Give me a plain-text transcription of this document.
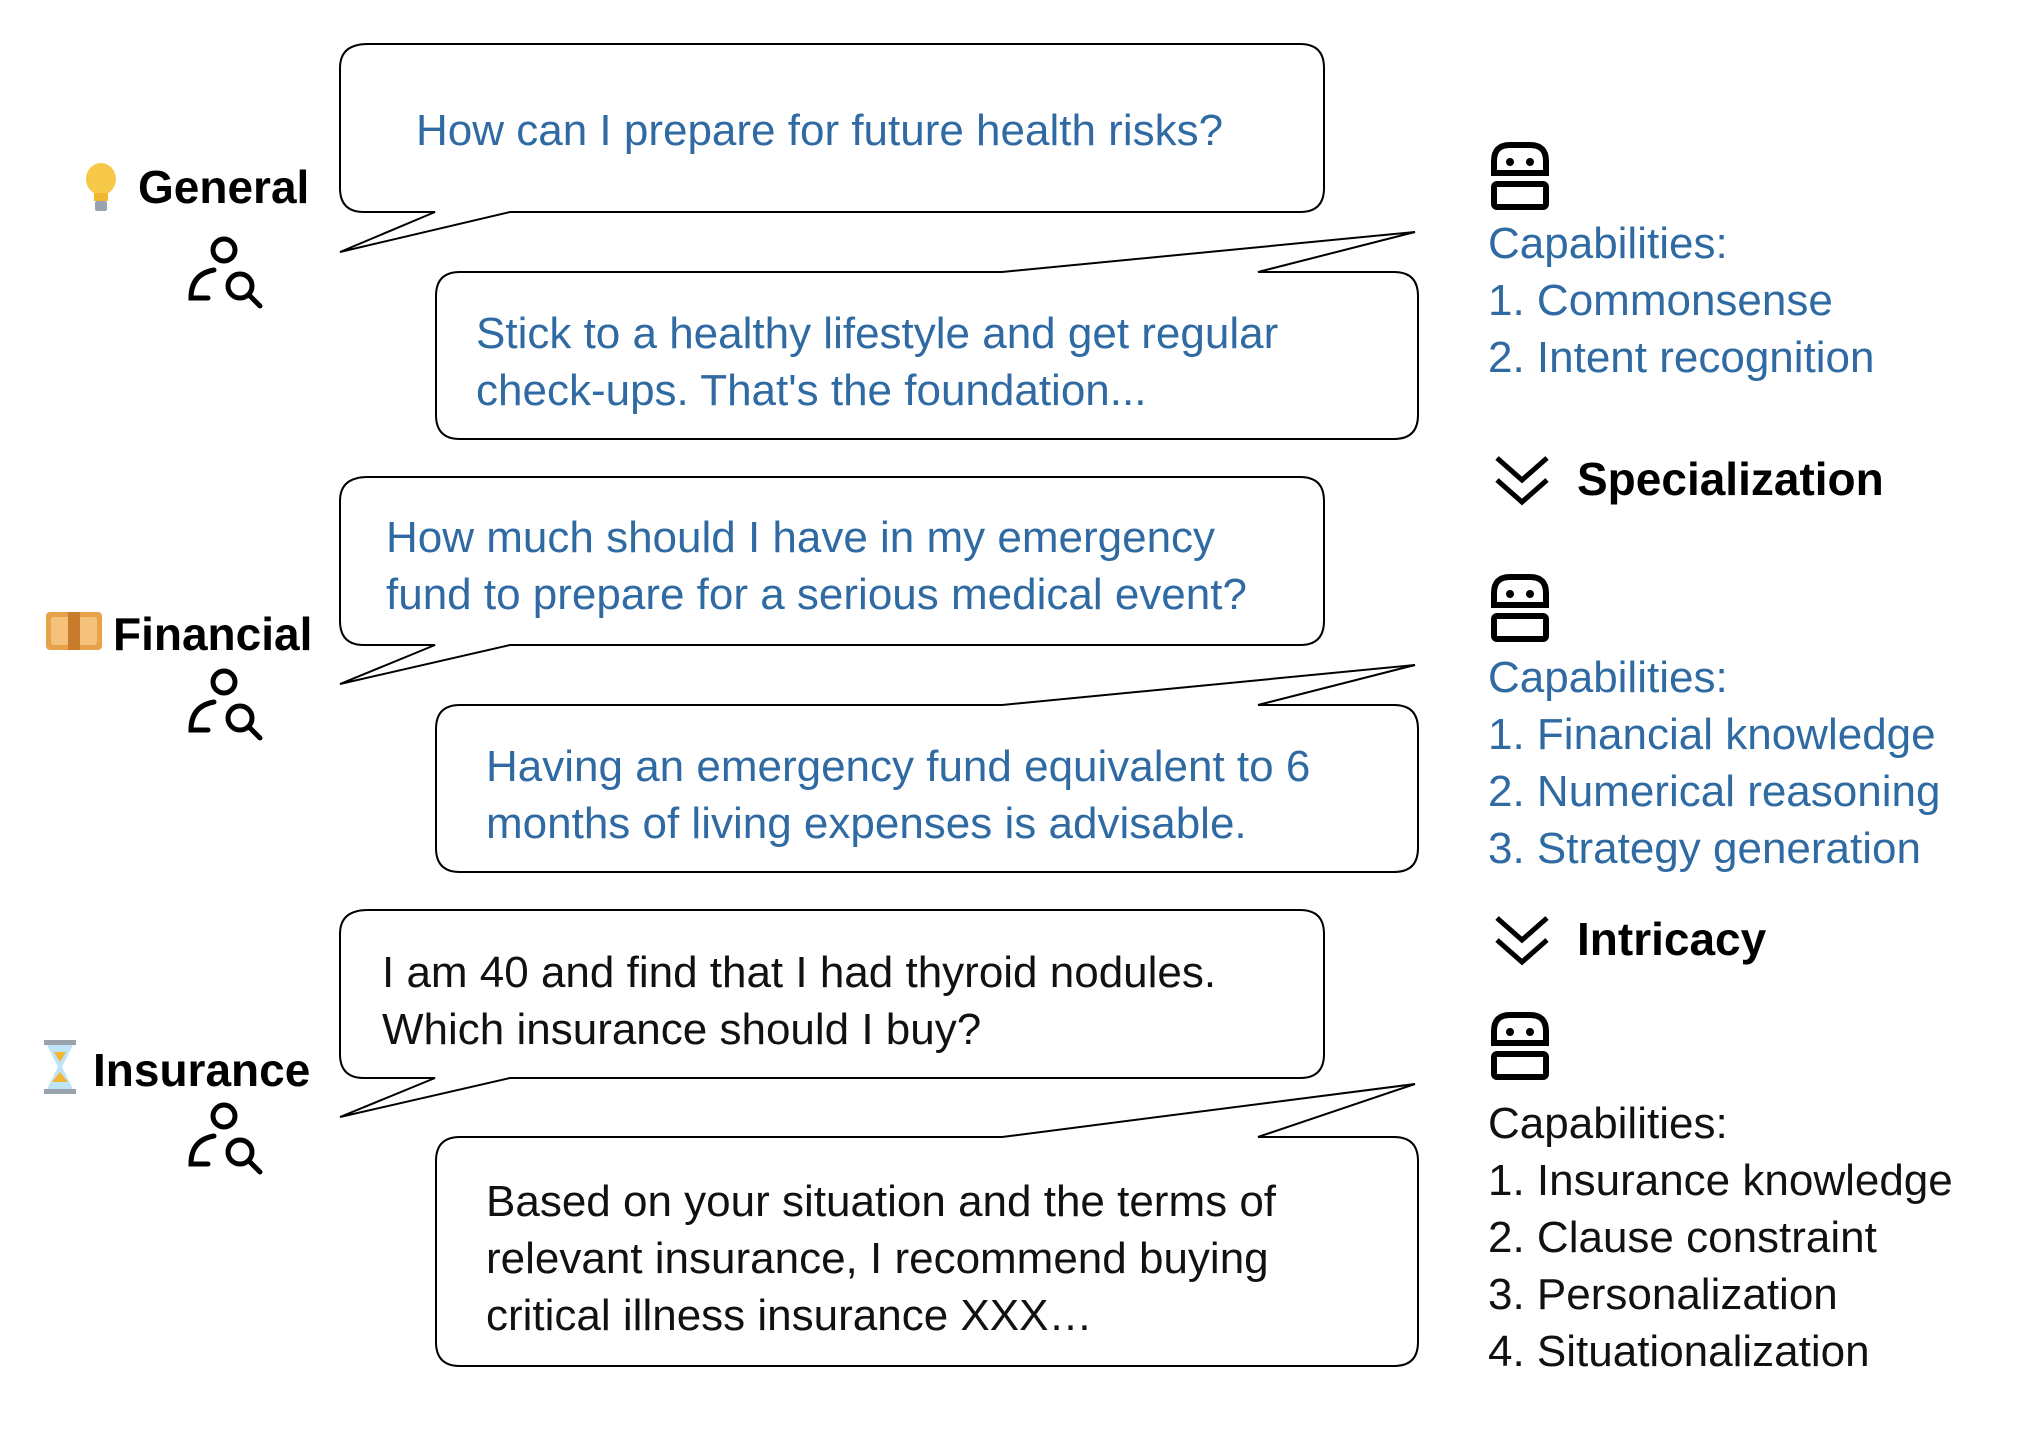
General
Financial
Insurance
How can I prepare for future health risks?
Stick to a healthy lifestyle and get regular
check-ups. That's the foundation...
Capabilities:
1. Commonsense
2. Intent recognition
Specialization
How much should I have in my emergency
fund to prepare for a serious medical event?
Having an emergency fund equivalent to 6
months of living expenses is advisable.
Capabilities:
1. Financial knowledge
2. Numerical reasoning
3. Strategy generation
Intricacy
I am 40 and find that I had thyroid nodules.
Which insurance should I buy?
Based on your situation and the terms of
relevant insurance, I recommend buying
critical illness insurance XXX…
Capabilities:
1. Insurance knowledge
2. Clause constraint
3. Personalization
4. Situationalization
